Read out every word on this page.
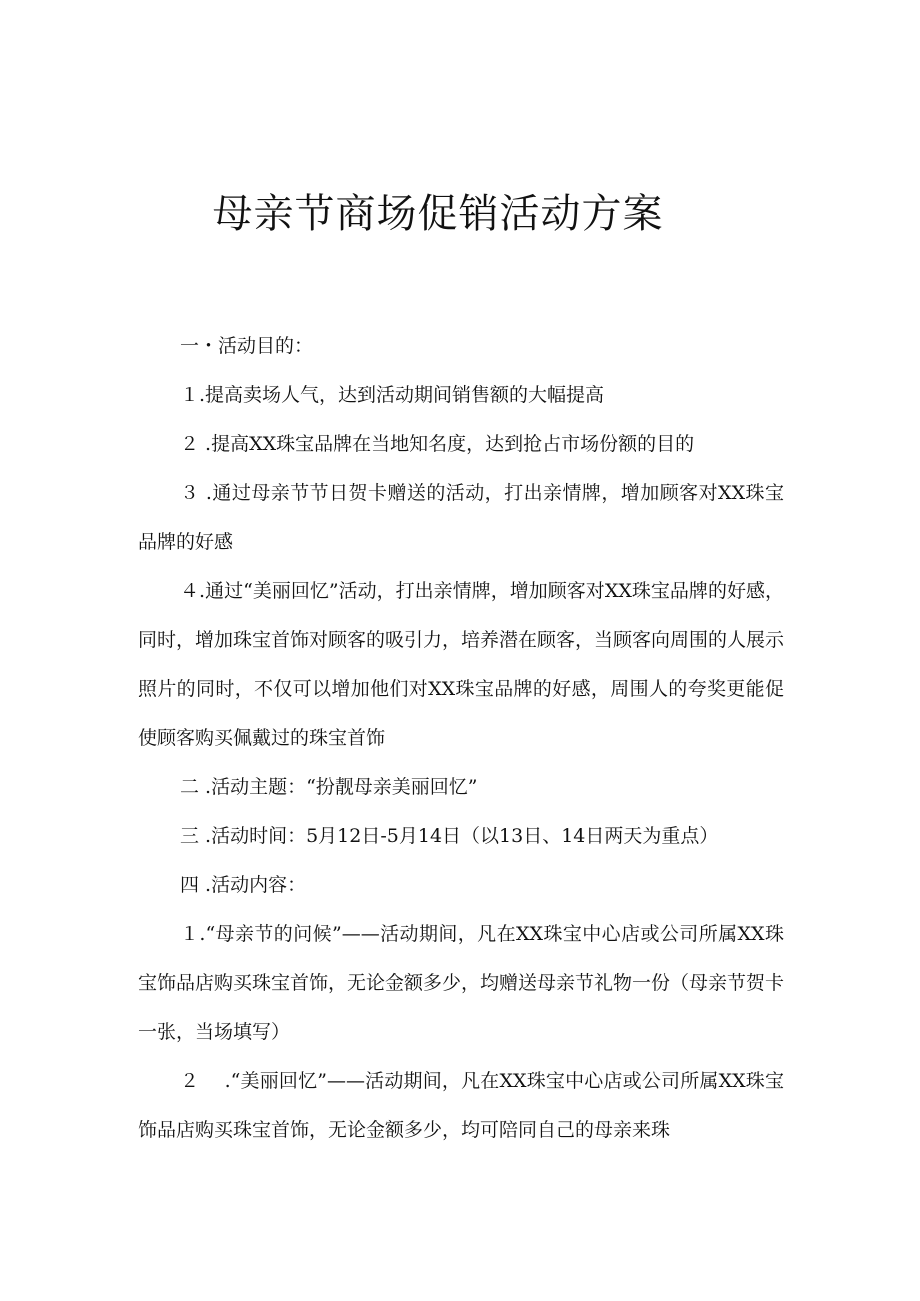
母亲节商场促销活动方案

一・活动目的：

１.提高卖场人气，达到活动期间销售额的大幅提高

２ .提高XX珠宝品牌在当地知名度，达到抢占市场份额的目的

３ .通过母亲节节日贺卡赠送的活动，打出亲情牌，增加顾客对XX珠宝品牌的好感

４.通过“美丽回忆”活动，打出亲情牌，增加顾客对XX珠宝品牌的好感，同时，增加珠宝首饰对顾客的吸引力，培养潜在顾客，当顾客向周围的人展示照片的同时，不仅可以增加他们对XX珠宝品牌的好感，周围人的夸奖更能促使顾客购买佩戴过的珠宝首饰

二 .活动主题：“扮靓母亲美丽回忆”

三 .活动时间：5月12日-5月14日（以13日、14日两天为重点）

四 .活动内容：

１.“母亲节的问候”——活动期间，凡在XX珠宝中心店或公司所属XX珠宝饰品店购买珠宝首饰，无论金额多少，均赠送母亲节礼物一份（母亲节贺卡一张，当场填写）

２　 .“美丽回忆”——活动期间，凡在XX珠宝中心店或公司所属XX珠宝饰品店购买珠宝首饰，无论金额多少，均可陪同自己的母亲来珠
